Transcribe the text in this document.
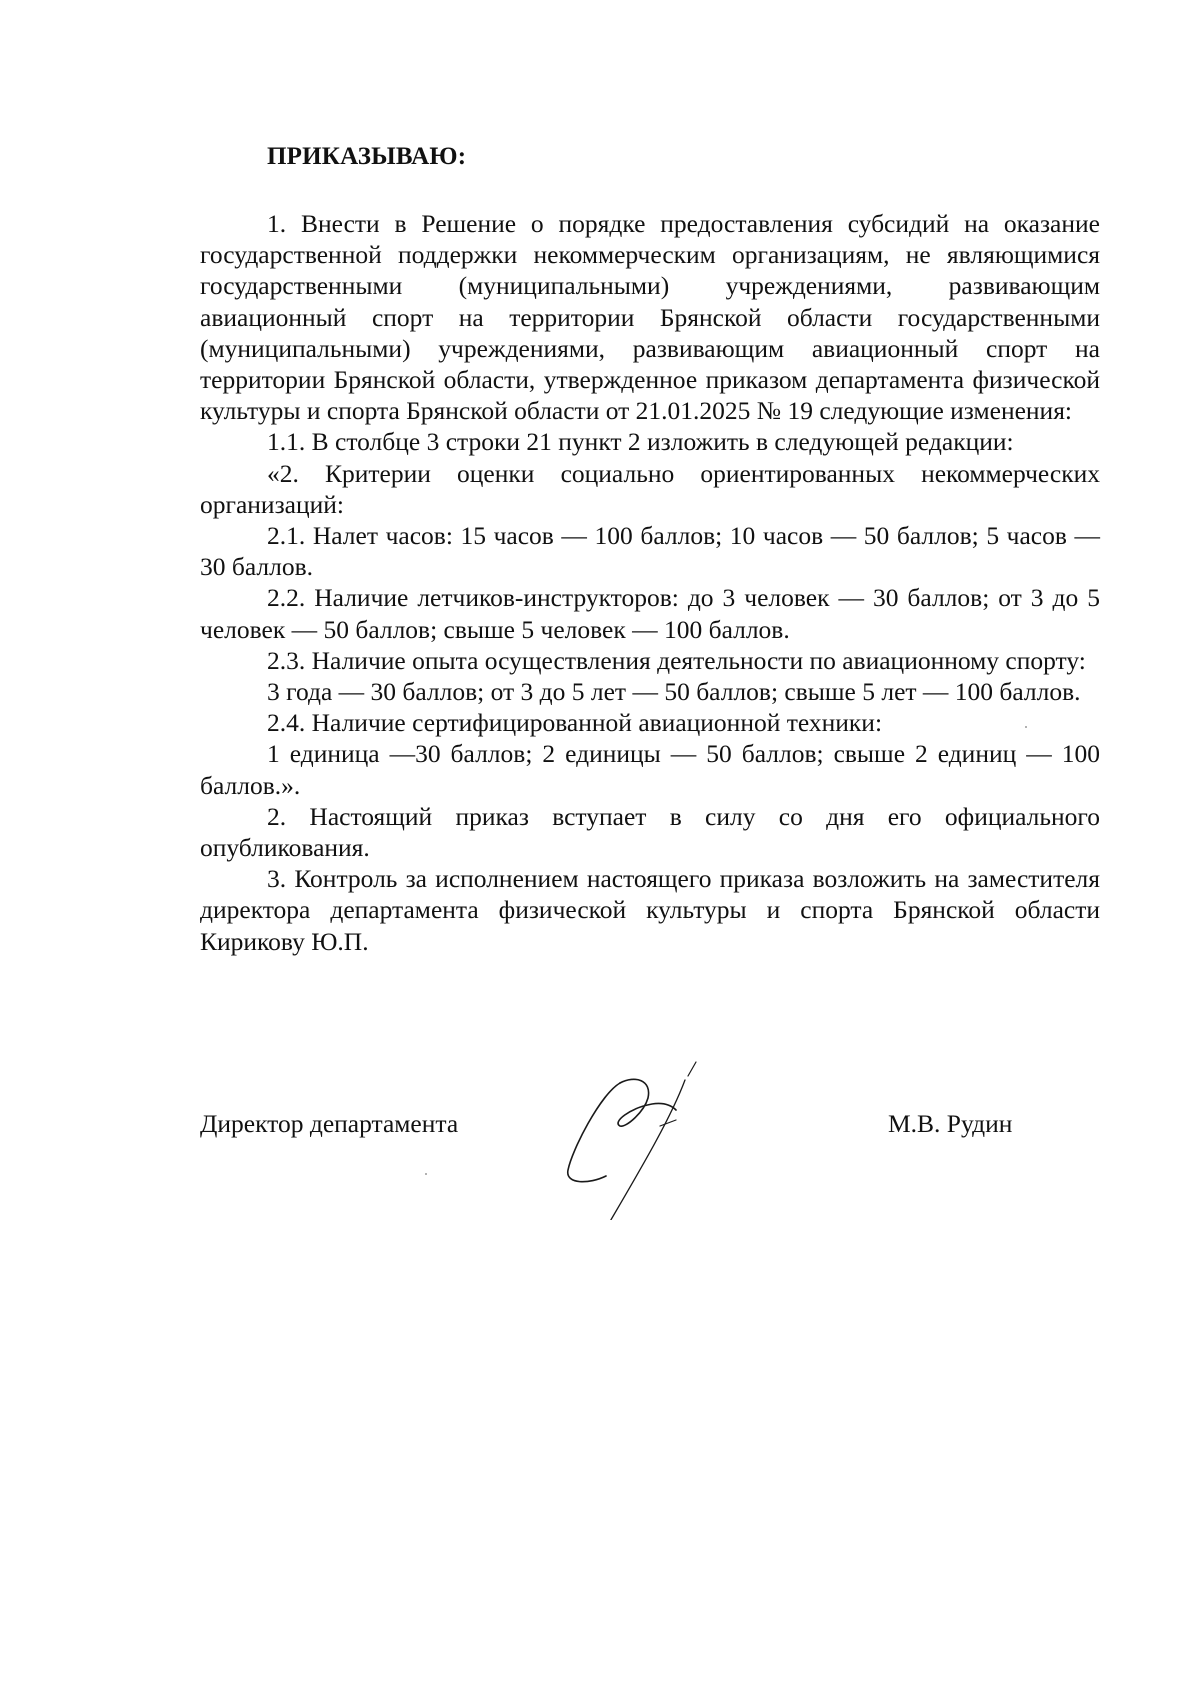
ПРИКАЗЫВАЮ:

1. Внести в Решение о порядке предоставления субсидий на оказание государственной поддержки некоммерческим организациям, не являющимися государственными (муниципальными) учреждениями, развивающим авиационный спорт на территории Брянской области государственными (муниципальными) учреждениями, развивающим авиационный спорт на территории Брянской области, утвержденное приказом департамента физической культуры и спорта Брянской области от 21.01.2025 № 19 следующие изменения:

1.1. В столбце 3 строки 21 пункт 2 изложить в следующей редакции:

«2. Критерии оценки социально ориентированных некоммерческих организаций:

2.1. Налет часов: 15 часов — 100 баллов; 10 часов — 50 баллов; 5 часов — 30 баллов.

2.2. Наличие летчиков-инструкторов: до 3 человек — 30 баллов; от 3 до 5 человек — 50 баллов; свыше 5 человек — 100 баллов.

2.3. Наличие опыта осуществления деятельности по авиационному спорту:

3 года — 30 баллов; от 3 до 5 лет — 50 баллов; свыше 5 лет — 100 баллов.

2.4. Наличие сертифицированной авиационной техники:

1 единица —30 баллов; 2 единицы — 50 баллов; свыше 2 единиц — 100 баллов.».

2. Настоящий приказ вступает в силу со дня его официального опубликования.

3. Контроль за исполнением настоящего приказа возложить на заместителя директора департамента физической культуры и спорта Брянской области Кирикову Ю.П.

Директор департамента	М.В. Рудин
